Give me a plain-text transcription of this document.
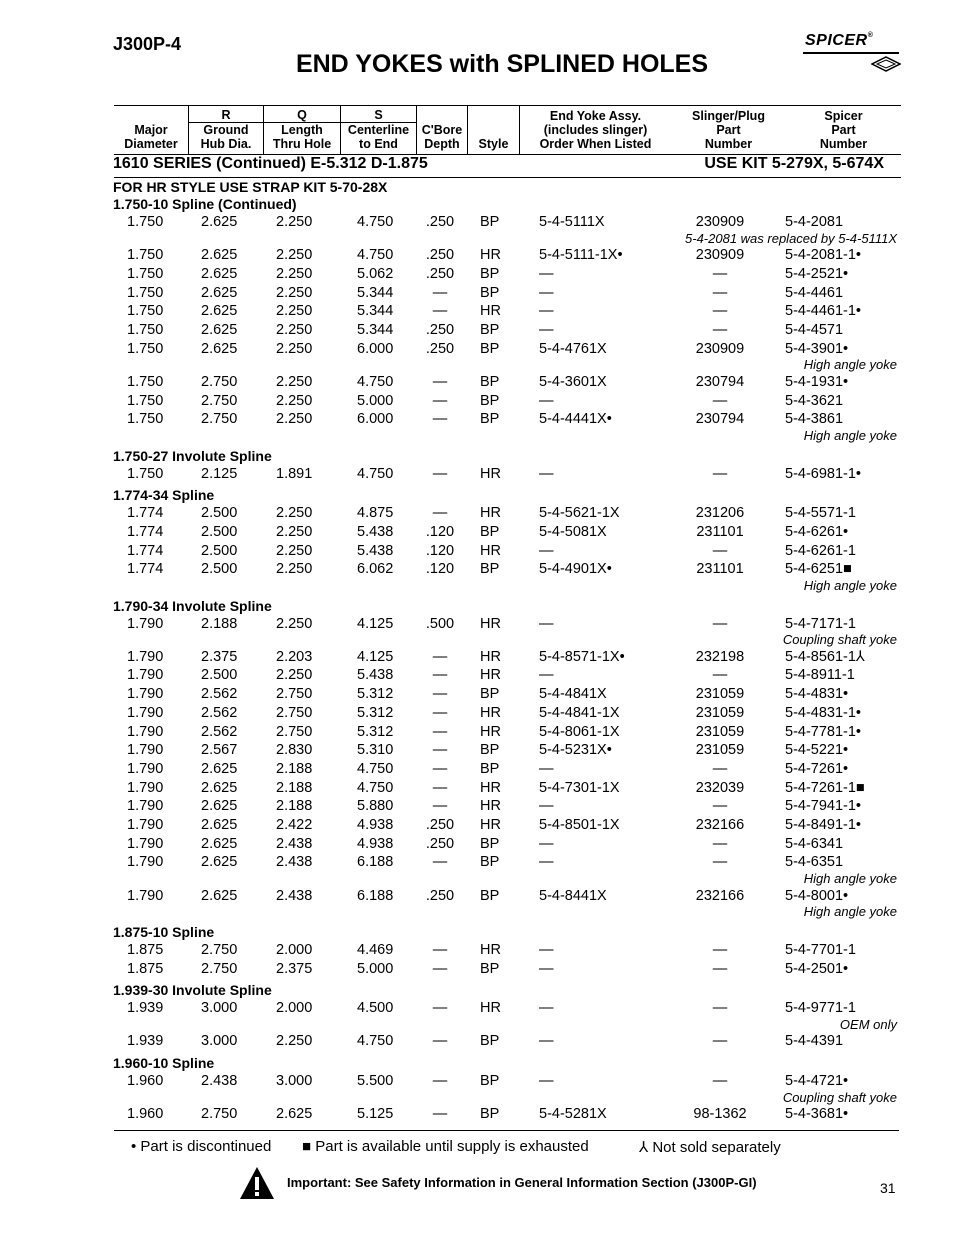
J300P-4
END YOKES with SPLINED HOLES
SPICER®
Major
Diameter
R
Ground
Hub Dia.
Q
Length
Thru Hole
S
Centerline
to End
C'Bore
Depth	Style
End Yoke Assy.
(includes slinger)
Order When Listed
Slinger/Plug
Part
Number
Spicer
Part
Number
1610 SERIES (Continued) E-5.312 D-1.875	USE KIT 5-279X, 5-674X
FOR HR STYLE USE STRAP KIT 5-70-28X
1.750-10 Spline (Continued)
1.750	2.625	2.250	4.750 .250 BP	5-4-5111X	230909	5-4-2081
5-4-2081 was replaced by 5-4-5111X
1.750	2.625	2.250	4.750 .250 HR	5-4-5111-1X•	230909	5-4-2081-1•
1.750	2.625	2.250	5.062 .250 BP	—	—	5-4-2521•
1.750	2.625	2.250	5.344	—	BP	—	—	5-4-4461
1.750	2.625	2.250	5.344	—	HR	—	—	5-4-4461-1•
1.750	2.625	2.250	5.344 .250 BP	—	—	5-4-4571
1.750	2.625	2.250	6.000 .250 BP	5-4-4761X	230909	5-4-3901•
High angle yoke
1.750	2.750	2.250	4.750	—	BP	5-4-3601X	230794	5-4-1931•
1.750	2.750	2.250	5.000	—	BP	—	—	5-4-3621
1.750	2.750	2.250	6.000	—	BP	5-4-4441X•	230794	5-4-3861
High angle yoke
1.750-27 Involute Spline
1.750	2.125	1.891	4.750	—	HR	—	—	5-4-6981-1•
1.774-34 Spline
1.774	2.500	2.250	4.875	—	HR	5-4-5621-1X	231206	5-4-5571-1
1.774	2.500	2.250	5.438 .120 BP	5-4-5081X	231101	5-4-6261•
1.774	2.500	2.250	5.438 .120 HR	—	—	5-4-6261-1
1.774	2.500	2.250	6.062 .120 BP	5-4-4901X•	231101	5-4-6251■
High angle yoke
1.790-34 Involute Spline
1.790	2.188	2.250	4.125 .500 HR	—	—	5-4-7171-1
Coupling shaft yoke
1.790	2.375	2.203	4.125	—	HR	5-4-8571-1X•	232198	5-4-8561-1⅄
1.790	2.500	2.250	5.438	—	HR	—	—	5-4-8911-1
1.790	2.562	2.750	5.312	—	BP	5-4-4841X	231059	5-4-4831•
1.790	2.562	2.750	5.312	—	HR	5-4-4841-1X	231059	5-4-4831-1•
1.790	2.562	2.750	5.312	—	HR	5-4-8061-1X	231059	5-4-7781-1•
1.790	2.567	2.830	5.310	—	BP	5-4-5231X•	231059	5-4-5221•
1.790	2.625	2.188	4.750	—	BP	—	—	5-4-7261•
1.790	2.625	2.188	4.750	—	HR	5-4-7301-1X	232039	5-4-7261-1■
1.790	2.625	2.188	5.880	—	HR	—	—	5-4-7941-1•
1.790	2.625	2.422	4.938 .250 HR	5-4-8501-1X	232166	5-4-8491-1•
1.790	2.625	2.438	4.938 .250 BP	—	—	5-4-6341
1.790	2.625	2.438	6.188	—	BP	—	—	5-4-6351
High angle yoke
1.790	2.625	2.438	6.188 .250 BP	5-4-8441X	232166	5-4-8001•
High angle yoke
1.875-10 Spline
1.875	2.750	2.000	4.469	—	HR	—	—	5-4-7701-1
1.875	2.750	2.375	5.000	—	BP	—	—	5-4-2501•
1.939-30 Involute Spline
1.939	3.000	2.000	4.500	—	HR	—	—	5-4-9771-1
OEM only
1.939	3.000	2.250	4.750	—	BP	—	—	5-4-4391
1.960-10 Spline
1.960	2.438	3.000	5.500	—	BP	—	—	5-4-4721•
Coupling shaft yoke
1.960	2.750	2.625	5.125	—	BP	5-4-5281X	98-1362	5-4-3681•
• Part is discontinued ■ Part is available until supply is exhausted	⅄ Not sold separately
Important: See Safety Information in General Information Section (J300P-GI)	31
